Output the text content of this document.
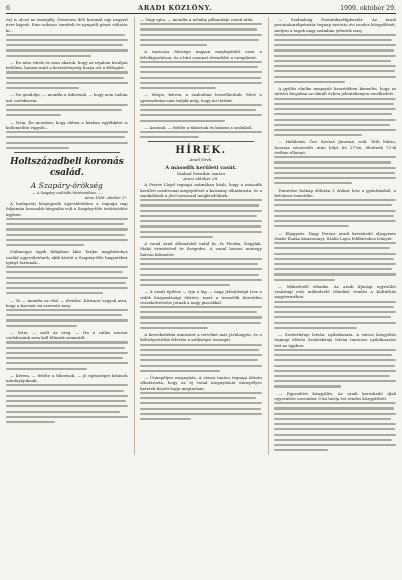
6	ARADI KÖZLÖNY.	1909. október 29.

val is olcsó az önsegély. Összesen 400 koronát egy negyed évre kapott. Eme sokszor ismételt és nyugodt pénzt váltotta ki...

— Én nem várok és nem akarok, hogy az irgalom kiváljon belőlem, hanem mint a kereszténység hozza ezt a felfogást.

— Ne gondolja, — mondta a tábornok, — hogy nem tudom mit cselekszem.

— Nem. Én mondom, hogy ebben a házban egyébként is kellemetlen vagyok...

Holtszázadbeli koronás család.
A Szapáry-örökség

— A Szapáry családfa történetéhez. —

Anno 1858. október 27.

A budapesti közjegyzők egyesületében a tegnapi nap folyamán hosszabb tárgyalás volt a Szapáry-féle örökösödési ügyben.

Csikmegye egyik fiókjában lakó Tarján nagybirtokos család egyesületének, akik között a Szapáry-féle hagyatékra igényt tartanak...

— Te — mondta az első — tévedsz. Kiváncsi vagyok arra, hogy a koronát mi szerezte meg.

— Nem, — szólt az öreg. — Ha a vallás szerint cselekszünk nem kell félnünk semmitől.

— Kérem, — felelte a tábornok, — jó egészséget kívánok mindnyájuknak.

— Vagy igen, — mondta a nehány pillanatnyi csend után.

A tanácsos felesége nagyon meglepődött ezen a felvilágosításon, és a bíró azonnal elrendelte a vizsgálatot.

— Mégis, kérem, a szalonban beszélhetünk. Mert a gyermekeim nem tudják még, hogy mi történt.

— Azonnal, — felelte a tábornok és kiment a szobából.

HÍREK.

Aradi hírek.

A második kerületi vasút.

Szabad Szentkir. tanács

Anno október 28.

A Pester Lloyd tegnapi számában közli, hogy a második kerületi vasútvonal megépítését a kormány elhatározta, és a munkálatok a jövő tavasszal megkezdődnek.

A vonal Arad állomásból indul ki, és Pécska, Nagylak, Makó érintésével ér Szegedre. A vonal hossza mintegy hatvan kilométer.

— A vasút építése — írja a lap — nagy jelentőségű lesz a vidék közgazdasági életére, mert a termelők közvetlen összeköttetésbe jutnak a nagy piacokkal.

A kereskedelmi miniszter a terveket már jóváhagyta, és a költségvetésbe felvette a szükséges összeget.

— Ünnepélyes megnyitás. A városi tanács tegnapi ülésén elhatározta, hogy az új vonal megnyitását ünnepélyes keretek között fogja megtartani.

— Szabadság Postatakarékpénztár. Az aradi postatakarékpénztár tegnap tartotta évi rendes közgyűlését, melyen a tagok nagy számban jelentek meg.

A gyűlés elnöke megnyitó beszédében kiemelte, hogy az intézet forgalma az elmúlt évben jelentékenyen emelkedett.

— Halálozás. Özv. Kovács Jánosné, szül. Tóth Mária, hosszas szenvedés után folyó hó 27-én, életének 72-ik évében elhunyt.

Temetése holnap délután 3 órakor lesz a gyászházból, a belvárosi temetőbe.

— Eljegyzés. Nagy Ferenc aradi kereskedő eljegyezte Szabó Ilonka kisasszonyt, Szabó Lajos földbirtokos leányát.

— Műkedvelő előadás. Az aradi ifjúsági egyesület vasárnap este műkedvelő előadást rendez a Kultúrház nagytermében.

— Szederkényi István: nyilatkozata. A városi közgyűlés tegnapi ülésén Szederkényi István tanácsos nyilatkozatot tett az ügyben.

— Egyesületi közgyűlés. Az aradi kereskedő ifjak egyesülete november 3-án tartja évi rendes közgyűlését.
